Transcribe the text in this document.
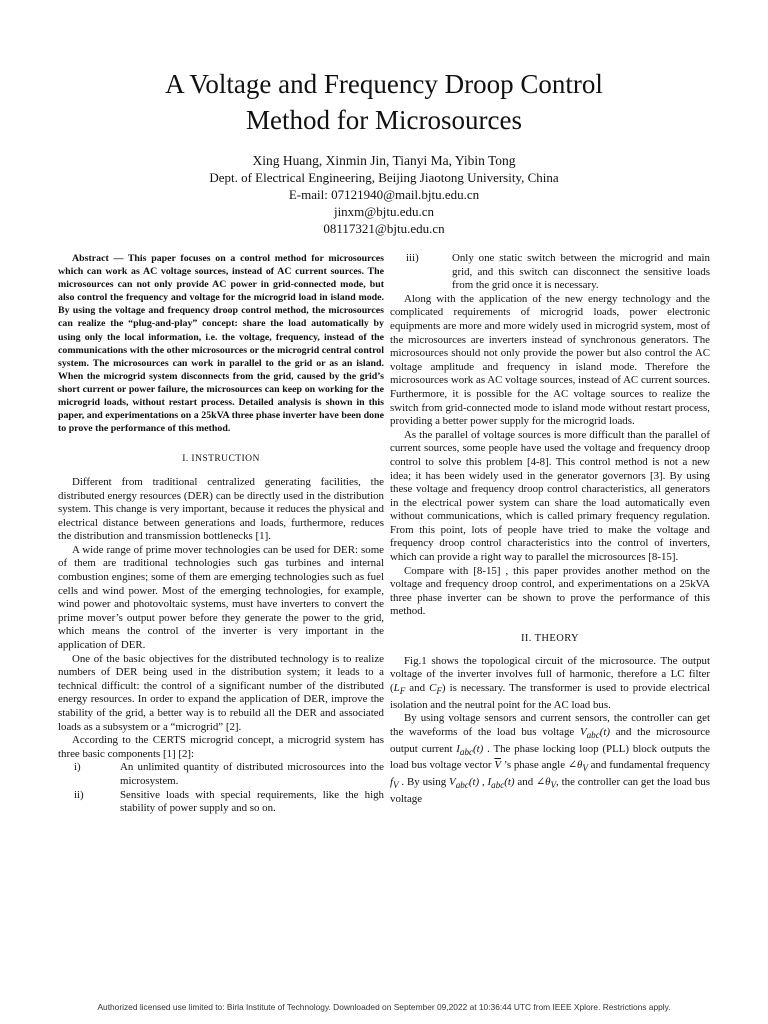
A Voltage and Frequency Droop Control
Method for Microsources
Xing Huang, Xinmin Jin, Tianyi Ma, Yibin Tong
Dept. of Electrical Engineering, Beijing Jiaotong University, China
E-mail: 07121940@mail.bjtu.edu.cn
jinxm@bjtu.edu.cn
08117321@bjtu.edu.cn

Abstract — This paper focuses on a control method for microsources which can work as AC voltage sources, instead of AC current sources. The microsources can not only provide AC power in grid-connected mode, but also control the frequency and voltage for the microgrid load in island mode. By using the voltage and frequency droop control method, the microsources can realize the “plug-and-play” concept: share the load automatically by using only the local information, i.e. the voltage, frequency, instead of the communications with the other microsources or the microgrid central control system. The microsources can work in parallel to the grid or as an island. When the microgrid system disconnects from the grid, caused by the grid’s short current or power failure, the microsources can keep on working for the microgrid loads, without restart process. Detailed analysis is shown in this paper, and experimentations on a 25kVA three phase inverter have been done to prove the performance of this method.

I. INSTRUCTION

Different from traditional centralized generating facilities, the distributed energy resources (DER) can be directly used in the distribution system. This change is very important, because it reduces the physical and electrical distance between generations and loads, furthermore, reduces the distribution and transmission bottlenecks [1].

A wide range of prime mover technologies can be used for DER: some of them are traditional technologies such gas turbines and internal combustion engines; some of them are emerging technologies such as fuel cells and wind power. Most of the emerging technologies, for example, wind power and photovoltaic systems, must have inverters to convert the prime mover’s output power before they generate the power to the grid, which means the control of the inverter is very important in the application of DER.

One of the basic objectives for the distributed technology is to realize numbers of DER being used in the distribution system; it leads to a technical difficult: the control of a significant number of the distributed energy resources. In order to expand the application of DER, improve the stability of the grid, a better way is to rebuild all the DER and associated loads as a subsystem or a “microgrid” [2].

According to the CERTS microgrid concept, a microgrid system has three basic components [1] [2]:

i)	An unlimited quantity of distributed microsources into the microsystem.
ii)	Sensitive loads with special requirements, like the high stability of power supply and so on.
iii)	Only one static switch between the microgrid and main grid, and this switch can disconnect the sensitive loads from the grid once it is necessary.

Along with the application of the new energy technology and the complicated requirements of microgrid loads, power electronic equipments are more and more widely used in microgrid system, most of the microsources are inverters instead of synchronous generators. The microsources should not only provide the power but also control the AC voltage amplitude and frequency in island mode. Therefore the microsources work as AC voltage sources, instead of AC current sources. Furthermore, it is possible for the AC voltage sources to realize the switch from grid-connected mode to island mode without restart process, providing a better power supply for the microgrid loads.

As the parallel of voltage sources is more difficult than the parallel of current sources, some people have used the voltage and frequency droop control to solve this problem [4-8]. This control method is not a new idea; it has been widely used in the generator governors [3]. By using these voltage and frequency droop control characteristics, all generators in the electrical power system can share the load automatically even without communications, which is called primary frequency regulation. From this point, lots of people have tried to make the voltage and frequency droop control characteristics into the control of inverters, which can provide a right way to parallel the microsources [8-15].

Compare with [8-15] , this paper provides another method on the voltage and frequency droop control, and experimentations on a 25kVA three phase inverter can be shown to prove the performance of this method.

II. THEORY

Fig.1 shows the topological circuit of the microsource. The output voltage of the inverter involves full of harmonic, therefore a LC filter ($L_F$ and $C_F$) is necessary. The transformer is used to provide electrical isolation and the neutral point for the AC load bus.

By using voltage sensors and current sensors, the controller can get the waveforms of the load bus voltage $V_{abc}(t)$ and the microsource output current $I_{abc}(t)$ . The phase locking loop (PLL) block outputs the load bus voltage vector $\overline{V}$ ’s phase angle $\angle\theta_V$ and fundamental frequency $f_V$ . By using $V_{abc}(t)$ , $I_{abc}(t)$ and $\angle\theta_V$, the controller can get the load bus voltage

Authorized licensed use limited to: Birla Institute of Technology. Downloaded on September 09,2022 at 10:36:44 UTC from IEEE Xplore. Restrictions apply.
